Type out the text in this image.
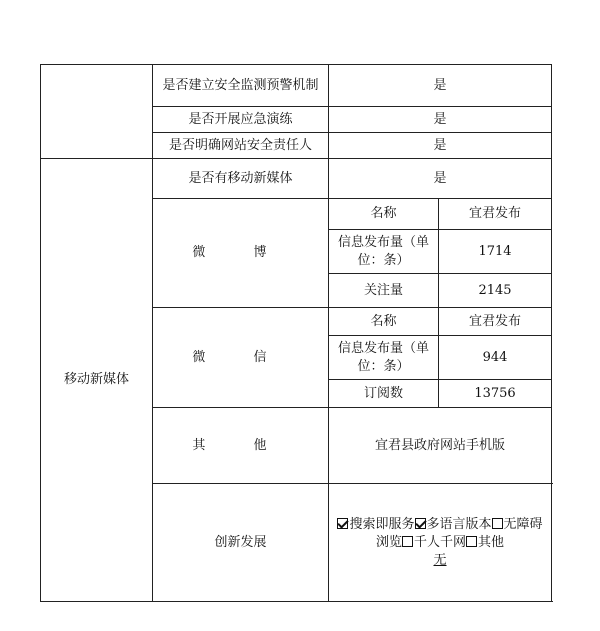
	是否建立安全监测预警机制	是	
	是否开展应急演练	是	
	是否明确网站安全责任人	是	
移动新媒体	是否有移动新媒体	是	
	微 博	名称	宜君发布
		信息发布量（单位：条）	1714
		关注量	2145
	微 信	名称	宜君发布
		信息发布量（单位：条）	944
		订阅数	13756
	其 他	宜君县政府网站手机版	

	创新发展	搜索即服务 多语言版本 无障碍浏览 千人千网 其他
无	
